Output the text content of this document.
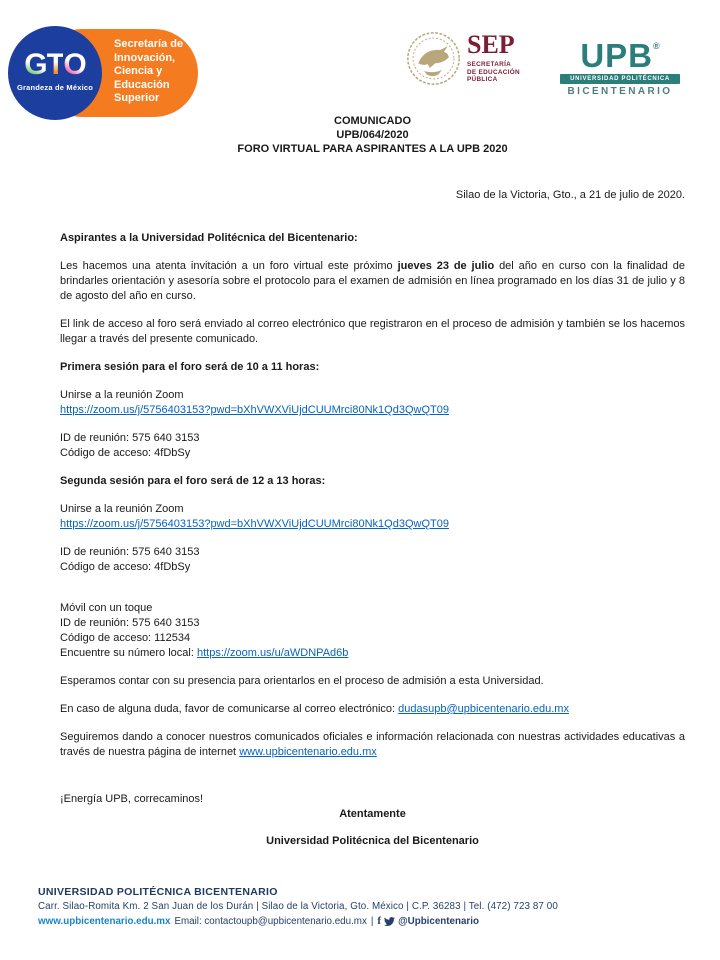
Secretaría de
Innovación,
Ciencia y
Educación
Superior
GTO
Grandeza de México
SEP
SECRETARÍA
DE EDUCACIÓN
PÚBLICA
UPB®
UNIVERSIDAD POLITÉCNICA
BICENTENARIO
COMUNICADO
UPB/064/2020
FORO VIRTUAL PARA ASPIRANTES A LA UPB 2020
Silao de la Victoria, Gto., a 21 de julio de 2020.

Aspirantes a la Universidad Politécnica del Bicentenario:

Les hacemos una atenta invitación a un foro virtual este próximo jueves 23 de julio del año en curso con la finalidad de brindarles orientación y asesoría sobre el protocolo para el examen de admisión en línea programado en los días 31 de julio y 8 de agosto del año en curso.

El link de acceso al foro será enviado al correo electrónico que registraron en el proceso de admisión y también se los hacemos llegar a través del presente comunicado.

Primera sesión para el foro será de 10 a 11 horas:

Unirse a la reunión Zoom

https://zoom.us/j/5756403153?pwd=bXhVWXViUjdCUUMrci80Nk1Qd3QwQT09

ID de reunión: 575 640 3153

Código de acceso: 4fDbSy

Segunda sesión para el foro será de 12 a 13 horas:

Unirse a la reunión Zoom

https://zoom.us/j/5756403153?pwd=bXhVWXViUjdCUUMrci80Nk1Qd3QwQT09

ID de reunión: 575 640 3153

Código de acceso: 4fDbSy

Móvil con un toque

ID de reunión: 575 640 3153

Código de acceso: 112534

Encuentre su número local: https://zoom.us/u/aWDNPAd6b

Esperamos contar con su presencia para orientarlos en el proceso de admisión a esta Universidad.

En caso de alguna duda, favor de comunicarse al correo electrónico: dudasupb@upbicentenario.edu.mx

Seguiremos dando a conocer nuestros comunicados oficiales e información relacionada con nuestras actividades educativas a través de nuestra página de internet www.upbicentenario.edu.mx

¡Energía UPB, correcaminos!

Atentamente

Universidad Politécnica del Bicentenario

UNIVERSIDAD POLITÉCNICA BICENTENARIO
Carr. Silao-Romita Km. 2 San Juan de los Durán | Silao de la Victoria, Gto. México | C.P. 36283 | Tel. (472) 723 87 00
www.upbicentenario.edu.mx Email: contactoupb@upbicentenario.edu.mx | f @Upbicentenario
